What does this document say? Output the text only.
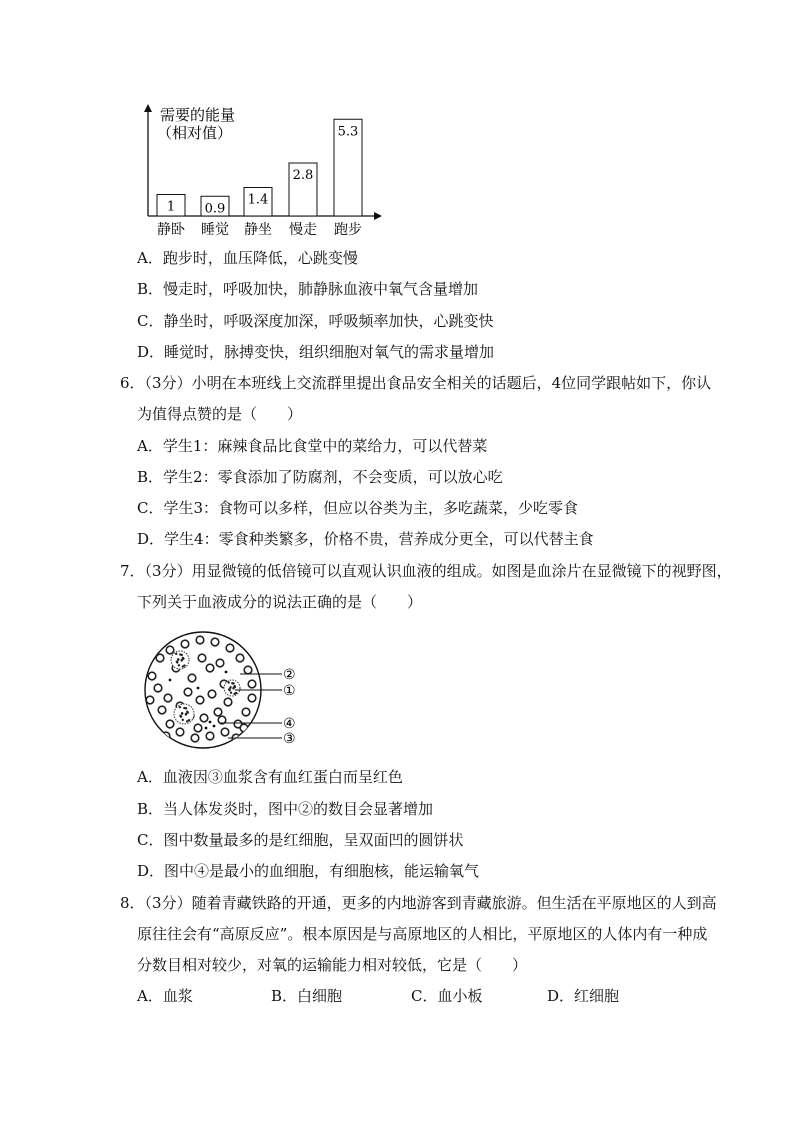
1
静卧
0.9
睡觉
1.4
静坐
2.8
慢走
5.3
跑步
需要的能量
（相对值）
A．跑步时，血压降低，心跳变慢
B．慢走时，呼吸加快，肺静脉血液中氧气含量增加
C．静坐时，呼吸深度加深，呼吸频率加快，心跳变快
D．睡觉时，脉搏变快，组织细胞对氧气的需求量增加
6．（3分）小明在本班线上交流群里提出食品安全相关的话题后，4位同学跟帖如下，你认
为值得点赞的是（　　）
A．学生1：麻辣食品比食堂中的菜给力，可以代替菜
B．学生2：零食添加了防腐剂，不会变质，可以放心吃
C．学生3：食物可以多样，但应以谷类为主，多吃蔬菜，少吃零食
D．学生4：零食种类繁多，价格不贵，营养成分更全，可以代替主食
7．（3分）用显微镜的低倍镜可以直观认识血液的组成。如图是血涂片在显微镜下的视野图，
下列关于血液成分的说法正确的是（　　）
②
①
④
③
A．血液因③血浆含有血红蛋白而呈红色
B．当人体发炎时，图中②的数目会显著增加
C．图中数量最多的是红细胞，呈双面凹的圆饼状
D．图中④是最小的血细胞，有细胞核，能运输氧气
8．（3分）随着青藏铁路的开通，更多的内地游客到青藏旅游。但生活在平原地区的人到高
原往往会有“高原反应”。根本原因是与高原地区的人相比，平原地区的人体内有一种成
分数目相对较少，对氧的运输能力相对较低，它是（　　）
A．血浆	B．白细胞	C．血小板	D．红细胞
